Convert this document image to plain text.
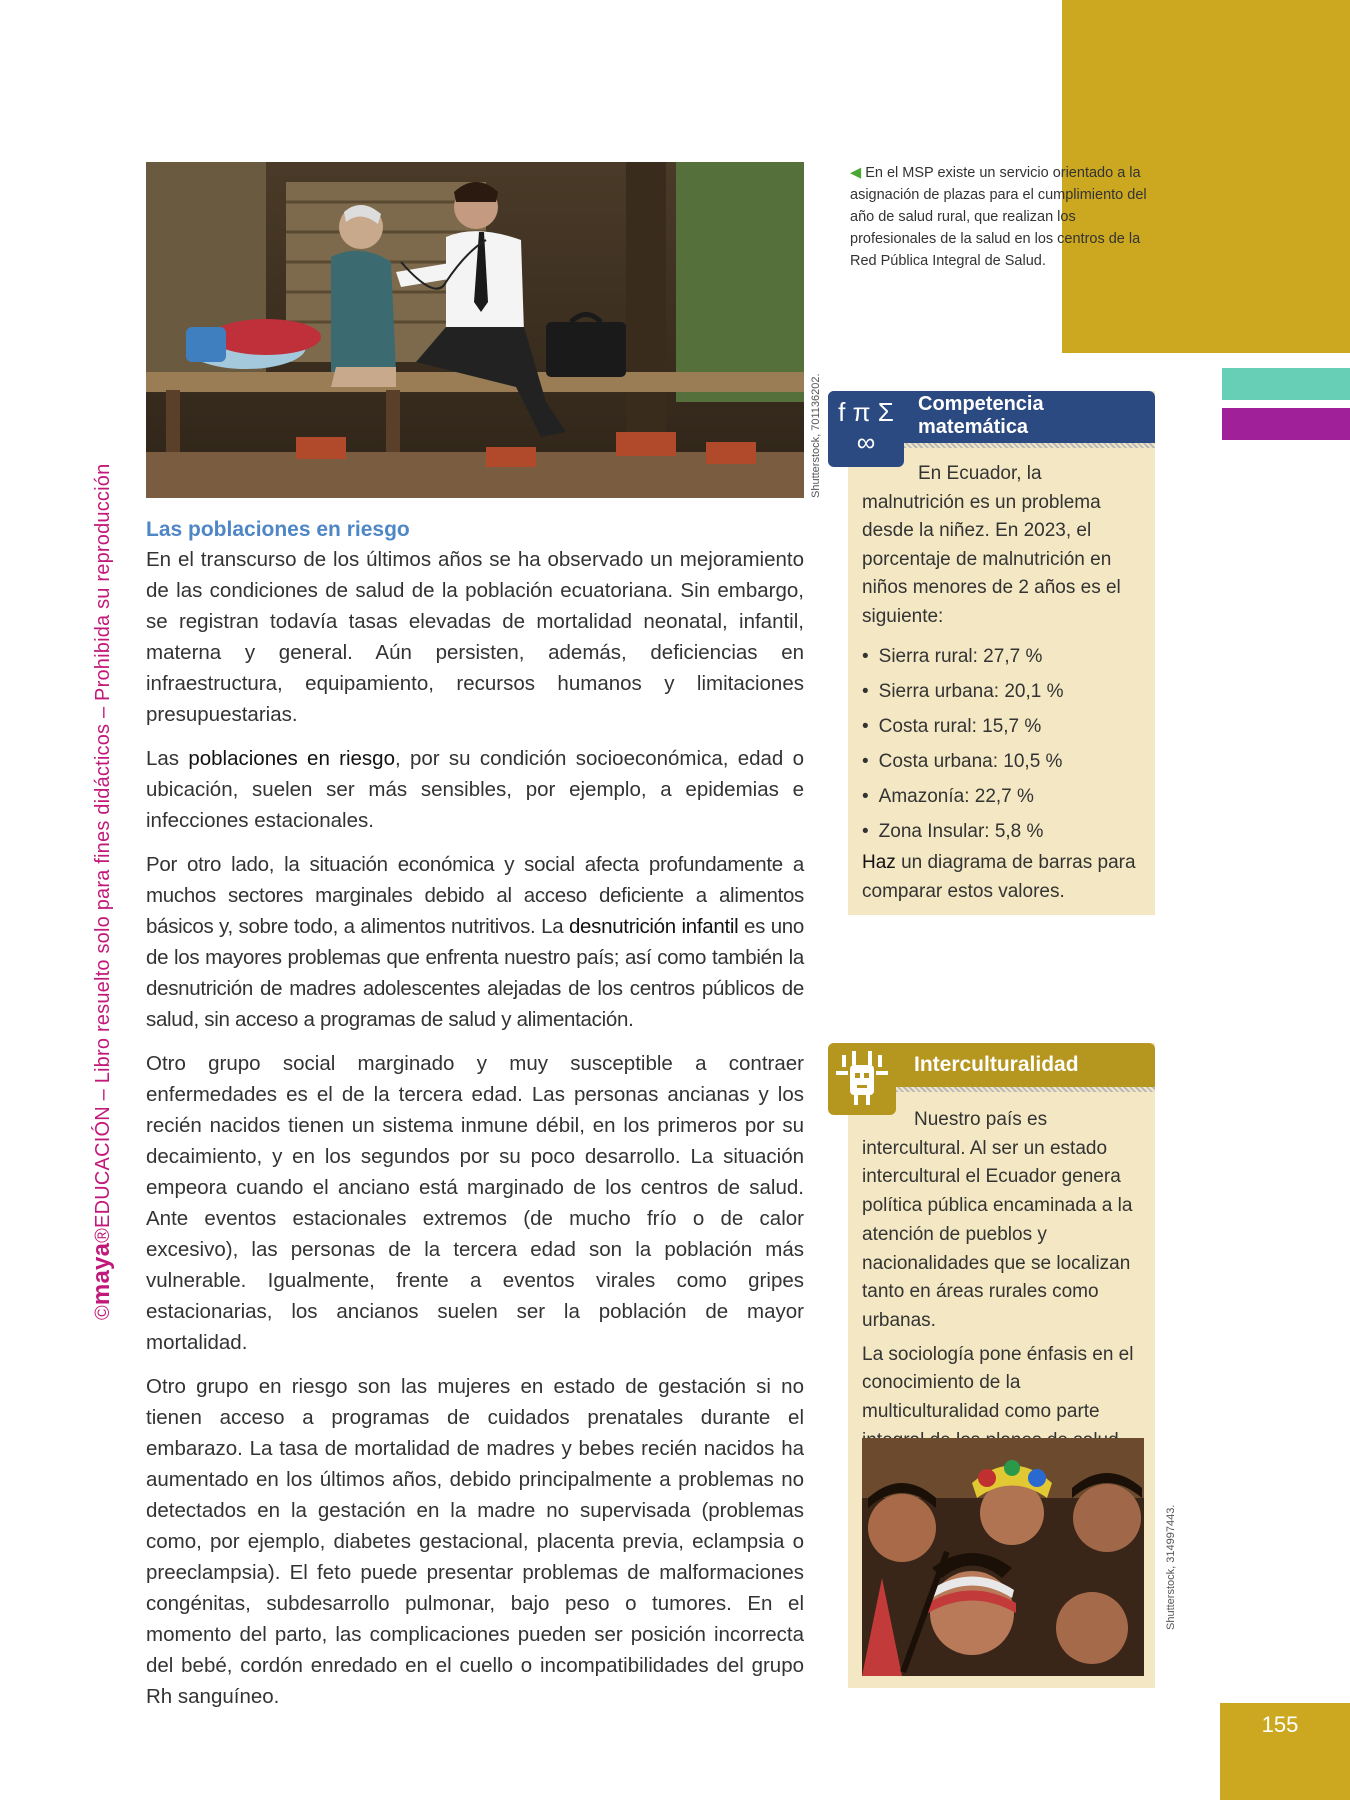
155
©maya®EDUCACIÓN – Libro resuelto solo para fines didácticos – Prohibida su reproducción
Shutterstock, 701136202.
◀ En el MSP existe un servicio orientado a la asignación de plazas para el cumplimiento del año de salud rural, que realizan los profesionales de la salud en los centros de la Red Pública Integral de Salud.
Las poblaciones en riesgo

En el transcurso de los últimos años se ha observado un mejoramiento de las condiciones de salud de la población ecuatoriana. Sin embargo, se registran todavía tasas elevadas de mortalidad neonatal, infantil, materna y general. Aún persisten, además, deficiencias en infraestructura, equipamiento, recursos humanos y limitaciones presupuestarias.

Las poblaciones en riesgo, por su condición socioeconómica, edad o ubicación, suelen ser más sensibles, por ejemplo, a epidemias e infecciones estacionales.

Por otro lado, la situación económica y social afecta profundamente a muchos sectores marginales debido al acceso deficiente a alimentos básicos y, sobre todo, a alimentos nutritivos. La desnutrición infantil es uno de los mayores problemas que enfrenta nuestro país; así como también la desnutrición de madres adolescentes alejadas de los centros públicos de salud, sin acceso a programas de salud y alimentación.

Otro grupo social marginado y muy susceptible a contraer enfermedades es el de la tercera edad. Las personas ancianas y los recién nacidos tienen un sistema inmune débil, en los primeros por su decaimiento, y en los segundos por su poco desarrollo. La situación empeora cuando el anciano está marginado de los centros de salud. Ante eventos estacionales extremos (de mucho frío o de calor excesivo), las personas de la tercera edad son la población más vulnerable. Igualmente, frente a eventos virales como gripes estacionarias, los ancianos suelen ser la población de mayor mortalidad.

Otro grupo en riesgo son las mujeres en estado de gestación si no tienen acceso a programas de cuidados prenatales durante el embarazo. La tasa de mortalidad de madres y bebes recién nacidos ha aumentado en los últimos años, debido principalmente a problemas no detectados en la gestación en la madre no supervisada (problemas como, por ejemplo, diabetes gestacional, placenta previa, eclampsia o preeclampsia). El feto puede presentar problemas de malformaciones congénitas, subdesarrollo pulmonar, bajo peso o tumores. En el momento del parto, las complicaciones pueden ser posición incorrecta del bebé, cordón enredado en el cuello o incompatibilidades del grupo Rh sanguíneo.

f π Σ ∞
Competencia
matemática

En Ecuador, la malnutrición es un problema desde la niñez. En 2023, el porcentaje de malnutrición en niños menores de 2 años es el siguiente:

• Sierra rural: 27,7 %
• Sierra urbana: 20,1 %
• Costa rural: 15,7 %
• Costa urbana: 10,5 %
• Amazonía: 22,7 %
• Zona Insular: 5,8 %

Haz un diagrama de barras para comparar estos valores.

Interculturalidad

Nuestro país es intercultural. Al ser un estado intercultural el Ecuador genera política pública encaminada a la atención de pueblos y nacionalidades que se localizan tanto en áreas rurales como urbanas.

La sociología pone énfasis en el conocimiento de la multiculturalidad como parte

Shutterstock, 314997443.
